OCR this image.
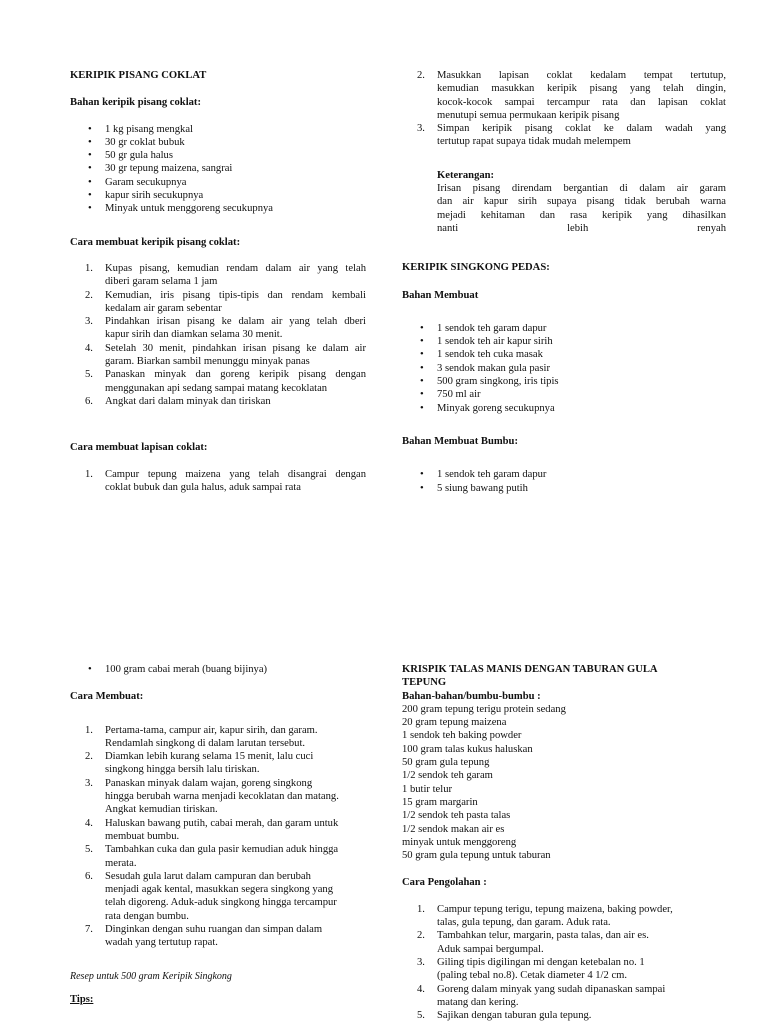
KERIPIK PISANG COKLAT

Bahan keripik pisang coklat:

• 1 kg pisang mengkal
• 30 gr coklat bubuk
• 50 gr gula halus
• 30 gr tepung maizena, sangrai
• Garam secukupnya
• kapur sirih secukupnya
• Minyak untuk menggoreng secukupnya

Cara membuat keripik pisang coklat:

1. Kupas pisang, kemudian rendam dalam air yang telah
diberi garam selama 1 jam
2. Kemudian, iris pisang tipis-tipis dan rendam kembali
kedalam air garam sebentar
3. Pindahkan irisan pisang ke dalam air yang telah dberi
kapur sirih dan diamkan selama 30 menit.
4. Setelah 30 menit, pindahkan irisan pisang ke dalam air
garam. Biarkan sambil menunggu minyak panas
5. Panaskan minyak dan goreng keripik pisang dengan
menggunakan api sedang sampai matang kecoklatan
6. Angkat dari dalam minyak dan tiriskan

Cara membuat lapisan coklat:

1. Campur tepung maizena yang telah disangrai dengan
coklat bubuk dan gula halus, aduk sampai rata
2. Masukkan lapisan coklat kedalam tempat tertutup,
kemudian masukkan keripik pisang yang telah dingin,
kocok-kocok sampai tercampur rata dan lapisan coklat
menutupi semua permukaan keripik pisang
3. Simpan keripik pisang coklat ke dalam wadah yang
tertutup rapat supaya tidak mudah melempem

Keterangan:

Irisan pisang direndam bergantian di dalam air garam
dan air kapur sirih supaya pisang tidak berubah warna
mejadi kehitaman dan rasa keripik yang dihasilkan
nanti lebih renyah

KERIPIK SINGKONG PEDAS:

Bahan Membuat

• 1 sendok teh garam dapur
• 1 sendok teh air kapur sirih
• 1 sendok teh cuka masak
• 3 sendok makan gula pasir
• 500 gram singkong, iris tipis
• 750 ml air
• Minyak goreng secukupnya

Bahan Membuat Bumbu:

• 1 sendok teh garam dapur
• 5 siung bawang putih
• 100 gram cabai merah (buang bijinya)

Cara Membuat:

1. Pertama-tama, campur air, kapur sirih, dan garam.
Rendamlah singkong di dalam larutan tersebut.
2. Diamkan lebih kurang selama 15 menit, lalu cuci
singkong hingga bersih lalu tiriskan.
3. Panaskan minyak dalam wajan, goreng singkong
hingga berubah warna menjadi kecoklatan dan matang.
Angkat kemudian tiriskan.
4. Haluskan bawang putih, cabai merah, dan garam untuk
membuat bumbu.
5. Tambahkan cuka dan gula pasir kemudian aduk hingga
merata.
6. Sesudah gula larut dalam campuran dan berubah
menjadi agak kental, masukkan segera singkong yang
telah digoreng. Aduk-aduk singkong hingga tercampur
rata dengan bumbu.
7. Dinginkan dengan suhu ruangan dan simpan dalam
wadah yang tertutup rapat.

Resep untuk 500 gram Keripik Singkong

Tips:

KRISPIK TALAS MANIS DENGAN TABURAN GULA
TEPUNG

Bahan-bahan/bumbu-bumbu :

200 gram tepung terigu protein sedang
20 gram tepung maizena
1 sendok teh baking powder
100 gram talas kukus haluskan
50 gram gula tepung
1/2 sendok teh garam
1 butir telur
15 gram margarin
1/2 sendok teh pasta talas
1/2 sendok makan air es
minyak untuk menggoreng
50 gram gula tepung untuk taburan

Cara Pengolahan :

1. Campur tepung terigu, tepung maizena, baking powder,
talas, gula tepung, dan garam. Aduk rata.
2. Tambahkan telur, margarin, pasta talas, dan air es.
Aduk sampai bergumpal.
3. Giling tipis digilingan mi dengan ketebalan no. 1
(paling tebal no.8). Cetak diameter 4 1/2 cm.
4. Goreng dalam minyak yang sudah dipanaskan sampai
matang dan kering.
5. Sajikan dengan taburan gula tepung.
